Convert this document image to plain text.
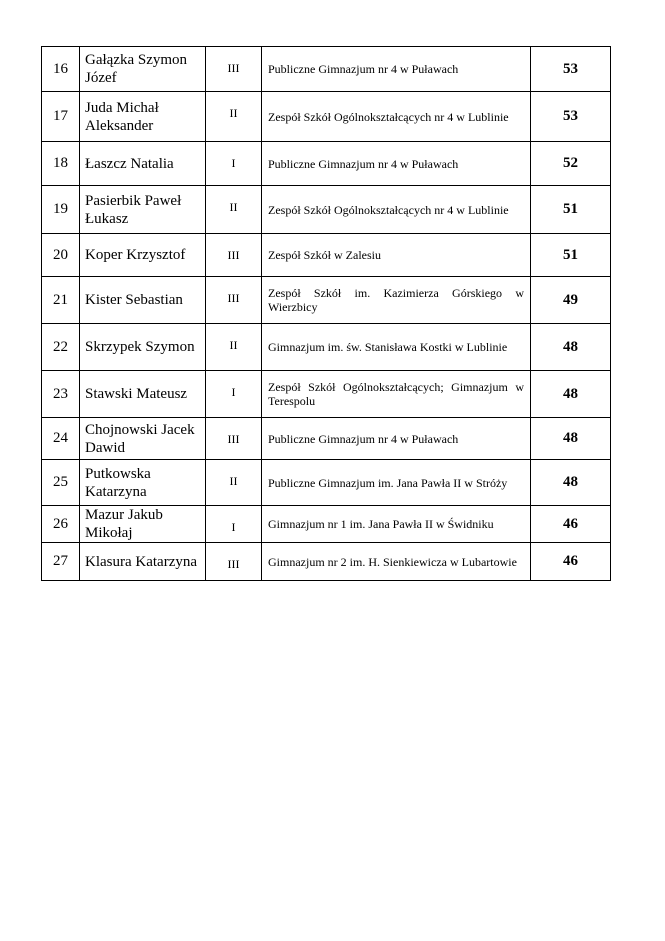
16	Gałązka Szymon Józef	III	Publiczne Gimnazjum nr 4 w Puławach	53
17	Juda Michał Aleksander	II	Zespół Szkół Ogólnokształcących nr 4 w Lublinie	53
18	Łaszcz Natalia	I	Publiczne Gimnazjum nr 4 w Puławach	52
19	Pasierbik Paweł Łukasz	II	Zespół Szkół Ogólnokształcących nr 4 w Lublinie	51
20	Koper Krzysztof	III	Zespół Szkół w Zalesiu	51
21	Kister Sebastian	III	Zespół Szkół im. Kazimierza Górskiego w Wierzbicy	49
22	Skrzypek Szymon	II	Gimnazjum im. św. Stanisława Kostki w Lublinie	48
23	Stawski Mateusz	I	Zespół Szkół Ogólnokształcących; Gimnazjum w Terespolu	48
24	Chojnowski Jacek Dawid	III	Publiczne Gimnazjum nr 4 w Puławach	48
25	Putkowska Katarzyna	II	Publiczne Gimnazjum im. Jana Pawła II w Stróży	48
26	Mazur Jakub Mikołaj	I	Gimnazjum nr 1 im. Jana Pawła II w Świdniku	46
27	Klasura Katarzyna	III	Gimnazjum nr 2 im. H. Sienkiewicza w Lubartowie	46
